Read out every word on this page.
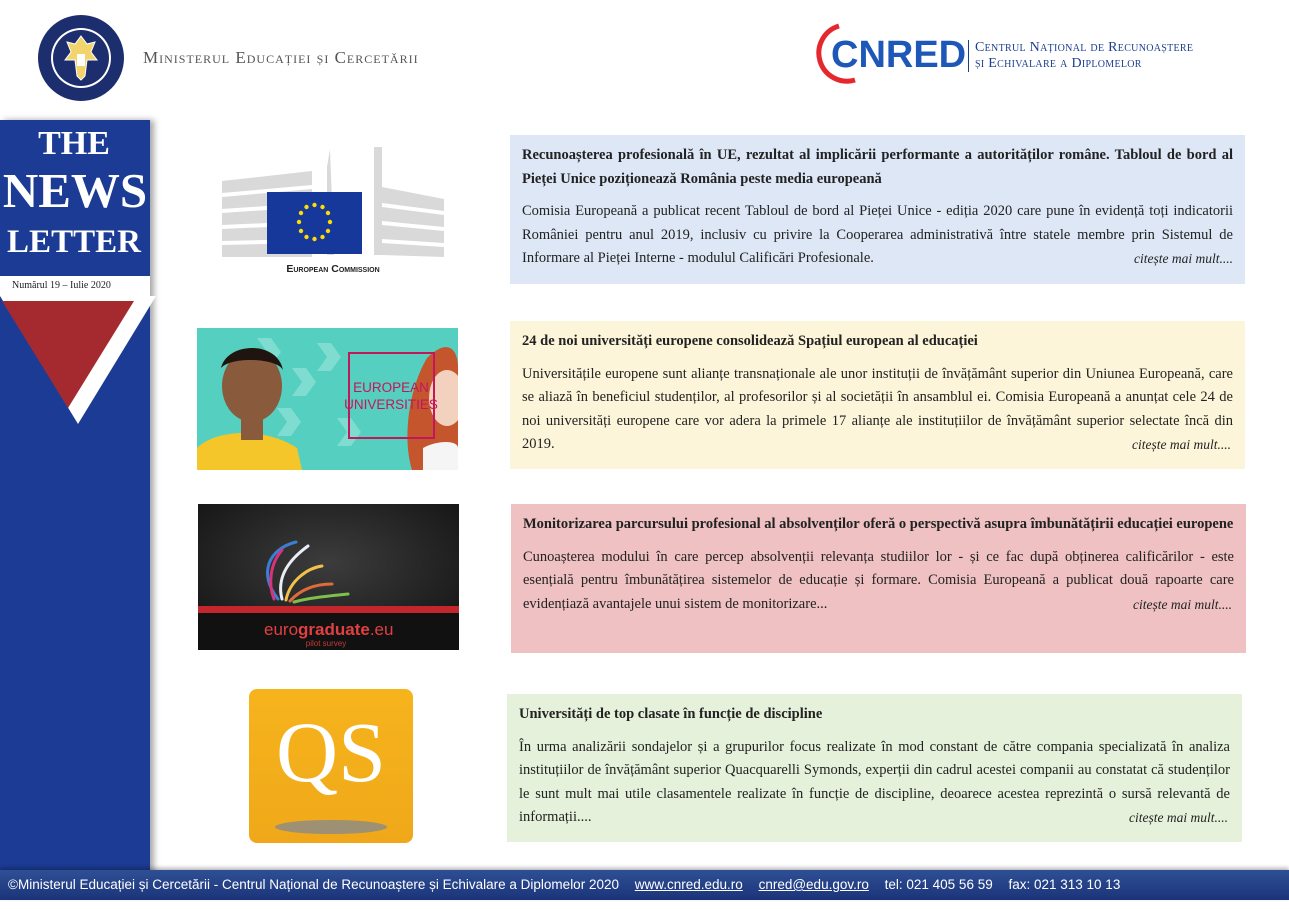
Ministerul Educației și Cercetării	CNRED Centrul Național de Recunoaștere
și Echivalare a Diplomelor
THE
NEWS
LETTER
Numărul 19 – Iulie 2020
European Commission
EUROPEAN
UNIVERSITIES
eurograduate.eu
pilot survey
QS
Recunoașterea profesională în UE, rezultat al implicării performante a autorităților române. Tabloul de bord al Pieței Unice poziționează România peste media europeană
Comisia Europeană a publicat recent Tabloul de bord al Pieței Unice - ediția 2020 care pune în evidență toți indicatorii României pentru anul 2019, inclusiv cu privire la Cooperarea administrativă între statele membre prin Sistemul de Informare al Pieței Interne - modulul Calificări Profesionale.	citește mai mult....
24 de noi universități europene consolidează Spațiul european al educației
Universitățile europene sunt alianțe transnaționale ale unor instituții de învățământ superior din Uniunea Europeană, care se aliază în beneficiul studenților, al profesorilor și al societății în ansamblul ei. Comisia Europeană a anunțat cele 24 de noi universități europene care vor adera la primele 17 alianțe ale instituțiilor de învățământ superior selectate încă din 2019.	citește mai mult....
Monitorizarea parcursului profesional al absolvenților oferă o perspectivă asupra îmbunătățirii educației europene
Cunoașterea modului în care percep absolvenții relevanța studiilor lor - și ce fac după obținerea calificărilor - este esențială pentru îmbunătățirea sistemelor de educație și formare. Comisia Europeană a publicat două rapoarte care evidențiază avantajele unui sistem de monitorizare...	citește mai mult....
Universități de top clasate în funcție de discipline
În urma analizării sondajelor și a grupurilor focus realizate în mod constant de către compania specializată în analiza instituțiilor de învățământ superior Quacquarelli Symonds, experții din cadrul acestei companii au constatat că studenților le sunt mult mai utile clasamentele realizate în funcție de discipline, deoarece acestea reprezintă o sursă relevantă de informații....	citește mai mult....
©Ministerul Educației și Cercetării - Centrul Național de Recunoaștere și Echivalare a Diplomelor 2020 www.cnred.edu.ro cnred@edu.gov.ro tel: 021 405 56 59 fax: 021 313 10 13
